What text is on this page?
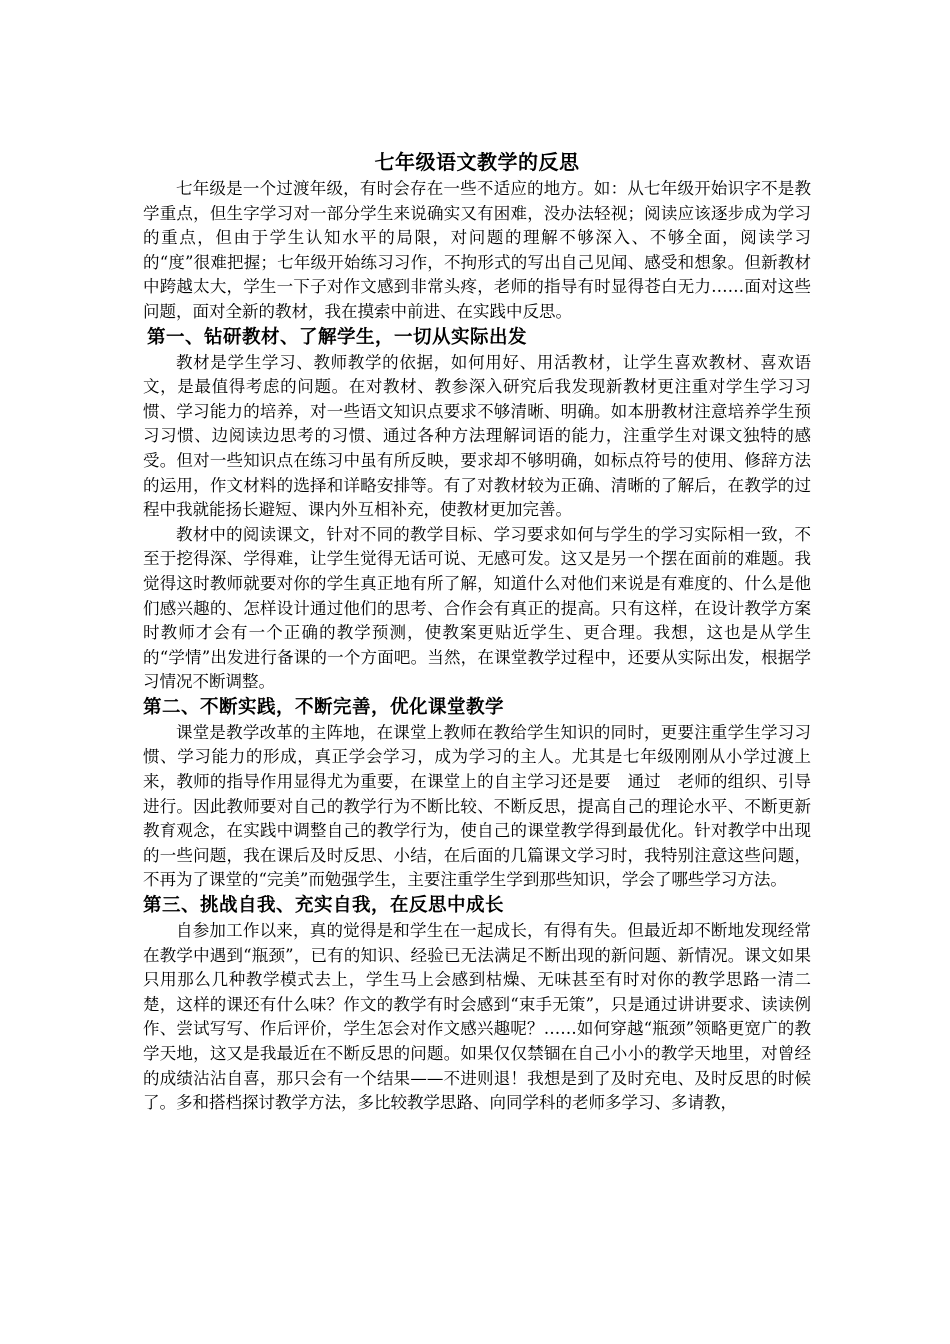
七年级语文教学的反思

七年级是一个过渡年级，有时会存在一些不适应的地方。如：从七年级开始识字不是教学重点，但生字学习对一部分学生来说确实又有困难，没办法轻视；阅读应该逐步成为学习的重点，但由于学生认知水平的局限，对问题的理解不够深入、不够全面，阅读学习的“度”很难把握；七年级开始练习习作，不拘形式的写出自己见闻、感受和想象。但新教材中跨越太大，学生一下子对作文感到非常头疼，老师的指导有时显得苍白无力……面对这些问题，面对全新的教材，我在摸索中前进、在实践中反思。

第一、钻研教材、了解学生，一切从实际出发

教材是学生学习、教师教学的依据，如何用好、用活教材，让学生喜欢教材、喜欢语文，是最值得考虑的问题。在对教材、教参深入研究后我发现新教材更注重对学生学习习惯、学习能力的培养，对一些语文知识点要求不够清晰、明确。如本册教材注意培养学生预习习惯、边阅读边思考的习惯、通过各种方法理解词语的能力，注重学生对课文独特的感受。但对一些知识点在练习中虽有所反映，要求却不够明确，如标点符号的使用、修辞方法的运用，作文材料的选择和详略安排等。有了对教材较为正确、清晰的了解后，在教学的过程中我就能扬长避短、课内外互相补充，使教材更加完善。

教材中的阅读课文，针对不同的教学目标、学习要求如何与学生的学习实际相一致，不至于挖得深、学得难，让学生觉得无话可说、无感可发。这又是另一个摆在面前的难题。我觉得这时教师就要对你的学生真正地有所了解，知道什么对他们来说是有难度的、什么是他们感兴趣的、怎样设计通过他们的思考、合作会有真正的提高。只有这样，在设计教学方案时教师才会有一个正确的教学预测，使教案更贴近学生、更合理。我想，这也是从学生的“学情”出发进行备课的一个方面吧。当然，在课堂教学过程中，还要从实际出发，根据学习情况不断调整。

第二、不断实践，不断完善，优化课堂教学

课堂是教学改革的主阵地，在课堂上教师在教给学生知识的同时，更要注重学生学习习惯、学习能力的形成，真正学会学习，成为学习的主人。尤其是七年级刚刚从小学过渡上来，教师的指导作用显得尤为重要，在课堂上的自主学习还是要　通过　老师的组织、引导进行。因此教师要对自己的教学行为不断比较、不断反思，提高自己的理论水平、不断更新教育观念，在实践中调整自己的教学行为，使自己的课堂教学得到最优化。针对教学中出现的一些问题，我在课后及时反思、小结，在后面的几篇课文学习时，我特别注意这些问题，不再为了课堂的“完美”而勉强学生，主要注重学生学到那些知识，学会了哪些学习方法。

第三、挑战自我、充实自我，在反思中成长

自参加工作以来，真的觉得是和学生在一起成长，有得有失。但最近却不断地发现经常在教学中遇到“瓶颈”，已有的知识、经验已无法满足不断出现的新问题、新情况。课文如果只用那么几种教学模式去上，学生马上会感到枯燥、无味甚至有时对你的教学思路一清二楚，这样的课还有什么味？作文的教学有时会感到“束手无策”，只是通过讲讲要求、读读例作、尝试写写、作后评价，学生怎会对作文感兴趣呢？……如何穿越“瓶颈”领略更宽广的教学天地，这又是我最近在不断反思的问题。如果仅仅禁锢在自己小小的教学天地里，对曾经的成绩沾沾自喜，那只会有一个结果——不进则退！我想是到了及时充电、及时反思的时候了。多和搭档探讨教学方法，多比较教学思路、向同学科的老师多学习、多请教，
